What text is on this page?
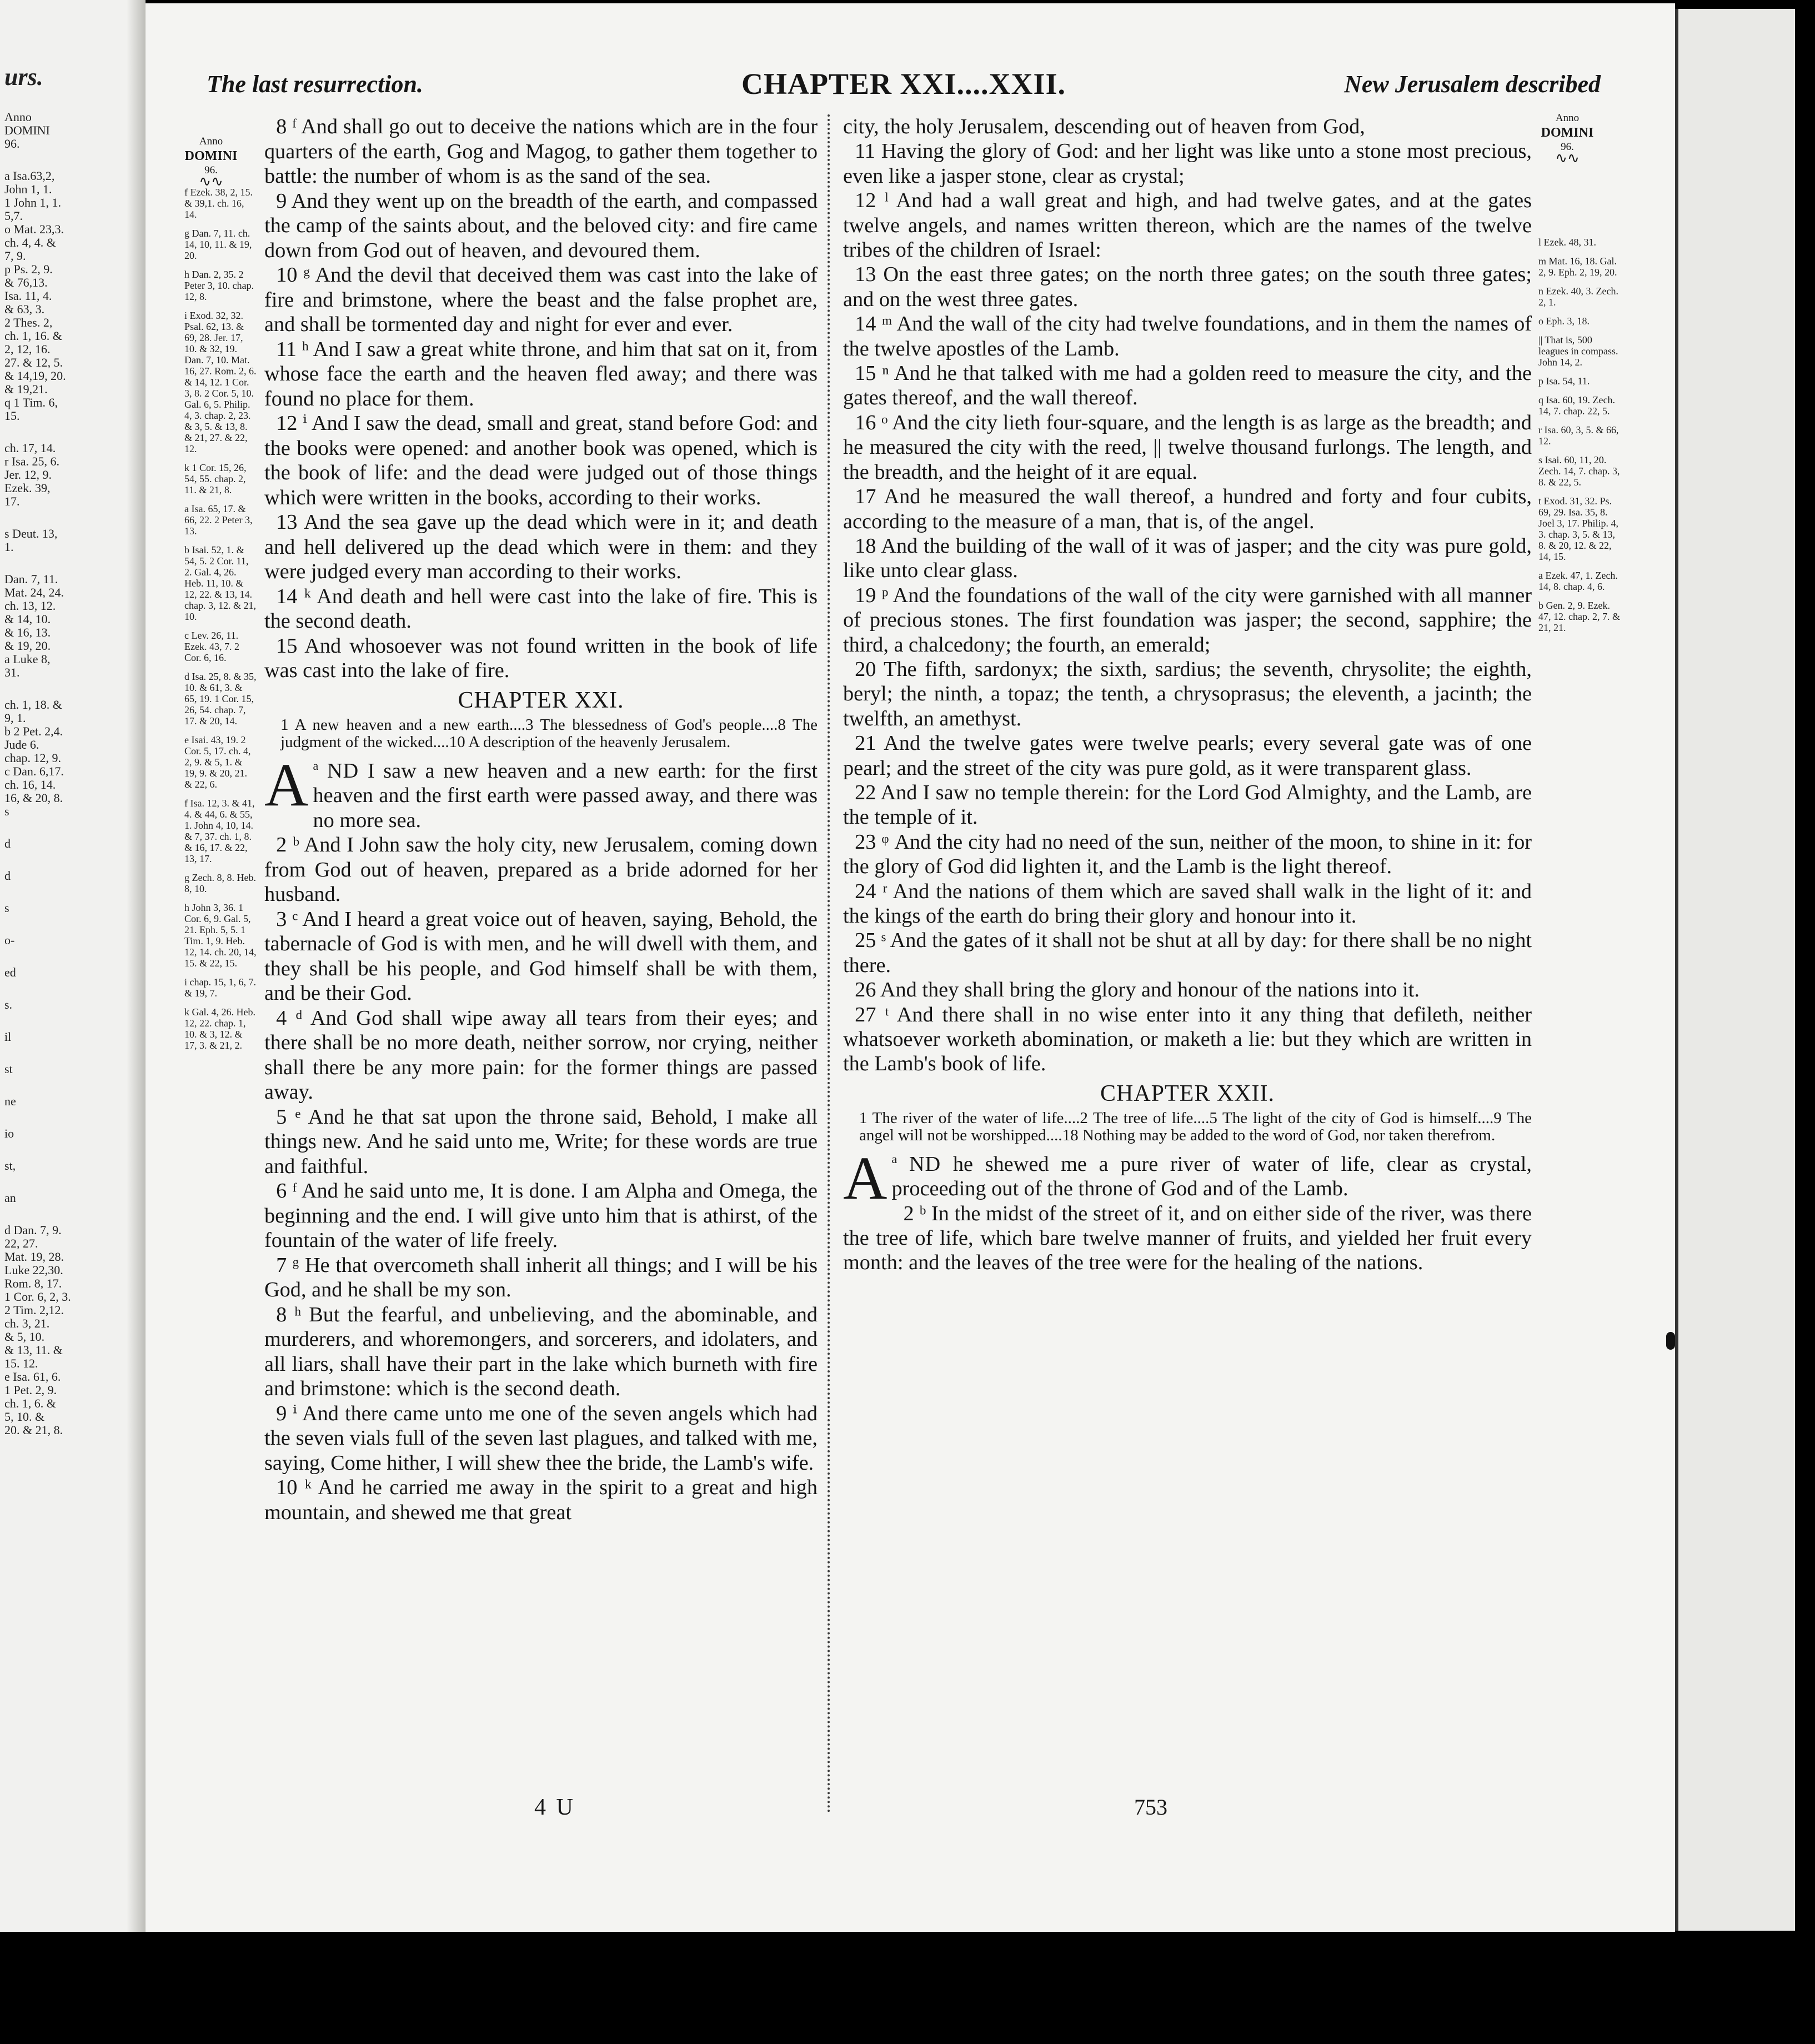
urs.
Anno
DOMINI
96.
a Isa.63,2,
John 1, 1.
1 John 1, 1.
5,7.
o Mat. 23,3.
ch. 4, 4. &
7, 9.
p Ps. 2, 9.
& 76,13.
Isa. 11, 4.
& 63, 3.
2 Thes. 2,
ch. 1, 16. &
2, 12, 16.
27. & 12, 5.
& 14,19, 20.
& 19,21.
q 1 Tim. 6,
15.
ch. 17, 14.
r Isa. 25, 6.
Jer. 12, 9.
Ezek. 39,
17.
s Deut. 13,
1.
Dan. 7, 11.
Mat. 24, 24.
ch. 13, 12.
& 14, 10.
& 16, 13.
& 19, 20.
a Luke 8,
31.
ch. 1, 18. &
9, 1.
b 2 Pet. 2,4.
Jude 6.
chap. 12, 9.
c Dan. 6,17.
ch. 16, 14.
16, & 20, 8.
s
d
d
s
o-
ed
s.
il
st
ne
io
st,
an
d Dan. 7, 9.
22, 27.
Mat. 19, 28.
Luke 22,30.
Rom. 8, 17.
1 Cor. 6, 2, 3.
2 Tim. 2,12.
ch. 3, 21.
& 5, 10.
& 13, 11. &
15. 12.
e Isa. 61, 6.
1 Pet. 2, 9.
ch. 1, 6. &
5, 10. &
20. & 21, 8.
The last resurrection.	CHAPTER XXI....XXII.	New Jerusalem described
Anno
DOMINI
96.
∿∿
Anno
DOMINI
96.
∿∿
f Ezek. 38, 2, 15. & 39,1. ch. 16, 14.
g Dan. 7, 11. ch. 14, 10, 11. & 19, 20.
h Dan. 2, 35. 2 Peter 3, 10. chap. 12, 8.
i Exod. 32, 32. Psal. 62, 13. & 69, 28. Jer. 17, 10. & 32, 19. Dan. 7, 10. Mat. 16, 27. Rom. 2, 6. & 14, 12. 1 Cor. 3, 8. 2 Cor. 5, 10. Gal. 6, 5. Philip. 4, 3. chap. 2, 23. & 3, 5. & 13, 8. & 21, 27. & 22, 12.
k 1 Cor. 15, 26, 54, 55. chap. 2, 11. & 21, 8.
a Isa. 65, 17. & 66, 22. 2 Peter 3, 13.
b Isai. 52, 1. & 54, 5. 2 Cor. 11, 2. Gal. 4, 26. Heb. 11, 10. & 12, 22. & 13, 14. chap. 3, 12. & 21, 10.
c Lev. 26, 11. Ezek. 43, 7. 2 Cor. 6, 16.
d Isa. 25, 8. & 35, 10. & 61, 3. & 65, 19. 1 Cor. 15, 26, 54. chap. 7, 17. & 20, 14.
e Isai. 43, 19. 2 Cor. 5, 17. ch. 4, 2, 9. & 5, 1. & 19, 9. & 20, 21. & 22, 6.
f Isa. 12, 3. & 41, 4. & 44, 6. & 55, 1. John 4, 10, 14. & 7, 37. ch. 1, 8. & 16, 17. & 22, 13, 17.
g Zech. 8, 8. Heb. 8, 10.
h John 3, 36. 1 Cor. 6, 9. Gal. 5, 21. Eph. 5, 5. 1 Tim. 1, 9. Heb. 12, 14. ch. 20, 14, 15. & 22, 15.
i chap. 15, 1, 6, 7. & 19, 7.
k Gal. 4, 26. Heb. 12, 22. chap. 1, 10. & 3, 12. & 17, 3. & 21, 2.
l Ezek. 48, 31.
m Mat. 16, 18. Gal. 2, 9. Eph. 2, 19, 20.
n Ezek. 40, 3. Zech. 2, 1.
o Eph. 3, 18.
|| That is, 500 leagues in compass. John 14, 2.
p Isa. 54, 11.
q Isa. 60, 19. Zech. 14, 7. chap. 22, 5.
r Isa. 60, 3, 5. & 66, 12.
s Isai. 60, 11, 20. Zech. 14, 7. chap. 3, 8. & 22, 5.
t Exod. 31, 32. Ps. 69, 29. Isa. 35, 8. Joel 3, 17. Philip. 4, 3. chap. 3, 5. & 13, 8. & 20, 12. & 22, 14, 15.
a Ezek. 47, 1. Zech. 14, 8. chap. 4, 6.
b Gen. 2, 9. Ezek. 47, 12. chap. 2, 7. & 21, 21.

8 ᶠ And shall go out to deceive the nations which are in the four quarters of the earth, Gog and Magog, to gather them together to battle: the number of whom is as the sand of the sea.

9 And they went up on the breadth of the earth, and compassed the camp of the saints about, and the beloved city: and fire came down from God out of heaven, and devoured them.

10 ᵍ And the devil that deceived them was cast into the lake of fire and brimstone, where the beast and the false prophet are, and shall be tormented day and night for ever and ever.

11 ʰ And I saw a great white throne, and him that sat on it, from whose face the earth and the heaven fled away; and there was found no place for them.

12 ⁱ And I saw the dead, small and great, stand before God: and the books were opened: and another book was opened, which is the book of life: and the dead were judged out of those things which were written in the books, according to their works.

13 And the sea gave up the dead which were in it; and death and hell delivered up the dead which were in them: and they were judged every man according to their works.

14 ᵏ And death and hell were cast into the lake of fire. This is the second death.

15 And whosoever was not found written in the book of life was cast into the lake of fire.

CHAPTER XXI.
1 A new heaven and a new earth....3 The blessedness of God's people....8 The judgment of the wicked....10 A description of the heavenly Jerusalem.

$^a$
A ND I saw a new heaven and a new earth: for the first heaven and the first earth were passed away, and there was no more sea.

2 ᵇ And I John saw the holy city, new Jerusalem, coming down from God out of heaven, prepared as a bride adorned for her husband.

3 ᶜ And I heard a great voice out of heaven, saying, Behold, the tabernacle of God is with men, and he will dwell with them, and they shall be his people, and God himself shall be with them, and be their God.

4 ᵈ And God shall wipe away all tears from their eyes; and there shall be no more death, neither sorrow, nor crying, neither shall there be any more pain: for the former things are passed away.

5 ᵉ And he that sat upon the throne said, Behold, I make all things new. And he said unto me, Write; for these words are true and faithful.

6 ᶠ And he said unto me, It is done. I am Alpha and Omega, the beginning and the end. I will give unto him that is athirst, of the fountain of the water of life freely.

7 ᵍ He that overcometh shall inherit all things; and I will be his God, and he shall be my son.

8 ʰ But the fearful, and unbelieving, and the abominable, and murderers, and whoremongers, and sorcerers, and idolaters, and all liars, shall have their part in the lake which burneth with fire and brimstone: which is the second death.

9 ⁱ And there came unto me one of the seven angels which had the seven vials full of the seven last plagues, and talked with me, saying, Come hither, I will shew thee the bride, the Lamb's wife.

10 ᵏ And he carried me away in the spirit to a great and high mountain, and shewed me that great

city, the holy Jerusalem, descending out of heaven from God,

11 Having the glory of God: and her light was like unto a stone most precious, even like a jasper stone, clear as crystal;

12 ˡ And had a wall great and high, and had twelve gates, and at the gates twelve angels, and names written thereon, which are the names of the twelve tribes of the children of Israel:

13 On the east three gates; on the north three gates; on the south three gates; and on the west three gates.

14 ᵐ And the wall of the city had twelve foundations, and in them the names of the twelve apostles of the Lamb.

15 ⁿ And he that talked with me had a golden reed to measure the city, and the gates thereof, and the wall thereof.

16 ᵒ And the city lieth four-square, and the length is as large as the breadth; and he measured the city with the reed, || twelve thousand furlongs. The length, and the breadth, and the height of it are equal.

17 And he measured the wall thereof, a hundred and forty and four cubits, according to the measure of a man, that is, of the angel.

18 And the building of the wall of it was of jasper; and the city was pure gold, like unto clear glass.

19 ᵖ And the foundations of the wall of the city were garnished with all manner of precious stones. The first foundation was jasper; the second, sapphire; the third, a chalcedony; the fourth, an emerald;

20 The fifth, sardonyx; the sixth, sardius; the seventh, chrysolite; the eighth, beryl; the ninth, a topaz; the tenth, a chrysoprasus; the eleventh, a jacinth; the twelfth, an amethyst.

21 And the twelve gates were twelve pearls; every several gate was of one pearl; and the street of the city was pure gold, as it were transparent glass.

22 And I saw no temple therein: for the Lord God Almighty, and the Lamb, are the temple of it.

23 ᵠ And the city had no need of the sun, neither of the moon, to shine in it: for the glory of God did lighten it, and the Lamb is the light thereof.

24 ʳ And the nations of them which are saved shall walk in the light of it: and the kings of the earth do bring their glory and honour into it.

25 ˢ And the gates of it shall not be shut at all by day: for there shall be no night there.

26 And they shall bring the glory and honour of the nations into it.

27 ᵗ And there shall in no wise enter into it any thing that defileth, neither whatsoever worketh abomination, or maketh a lie: but they which are written in the Lamb's book of life.

CHAPTER XXII.
1 The river of the water of life....2 The tree of life....5 The light of the city of God is himself....9 The angel will not be worshipped....18 Nothing may be added to the word of God, nor taken therefrom.

$^a$
A ND he shewed me a pure river of water of life, clear as crystal, proceeding out of the throne of God and of the Lamb.

2 ᵇ In the midst of the street of it, and on either side of the river, was there the tree of life, which bare twelve manner of fruits, and yielded her fruit every month: and the leaves of the tree were for the healing of the nations.

4 U	753
